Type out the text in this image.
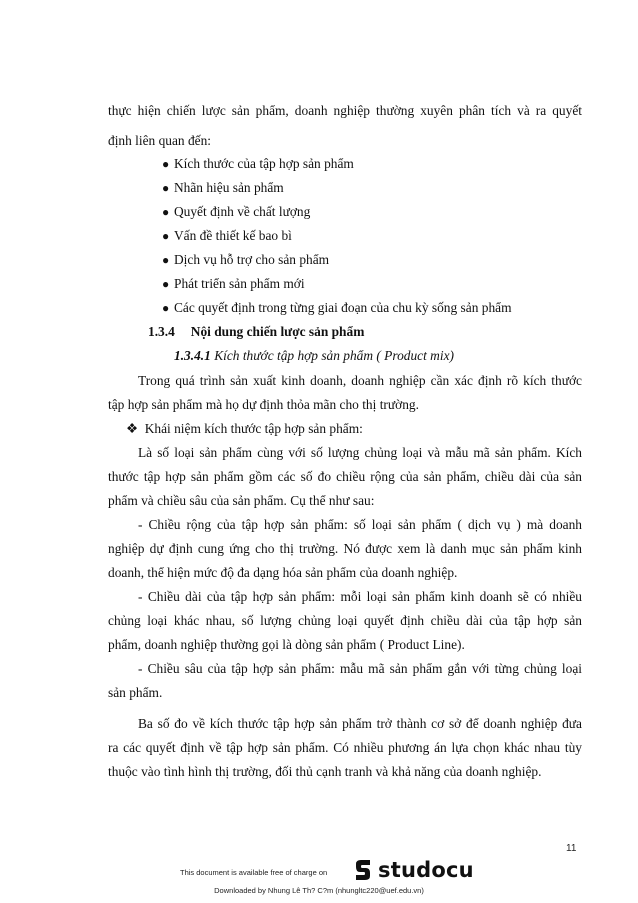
thực hiện chiến lược sản phẩm, doanh nghiệp thường xuyên phân tích và ra quyết
định liên quan đến:
● Kích thước của tập hợp sản phẩm
● Nhãn hiệu sản phẩm
● Quyết định về chất lượng
● Vấn đề thiết kế bao bì
● Dịch vụ hỗ trợ cho sản phẩm
● Phát triển sản phẩm mới
● Các quyết định trong từng giai đoạn của chu kỳ sống sản phẩm
1.3.4 Nội dung chiến lược sản phẩm
1.3.4.1 Kích thước tập hợp sản phẩm ( Product mix)
Trong quá trình sản xuất kinh doanh, doanh nghiệp cần xác định rõ kích thước
tập hợp sản phẩm mà họ dự định thỏa mãn cho thị trường.
❖ Khái niệm kích thước tập hợp sản phẩm:
Là số loại sản phẩm cùng với số lượng chủng loại và mẫu mã sản phẩm. Kích
thước tập hợp sản phẩm gồm các số đo chiều rộng của sản phẩm, chiều dài của sản
phẩm và chiều sâu của sản phẩm. Cụ thể như sau:
- Chiều rộng của tập hợp sản phẩm: số loại sản phẩm ( dịch vụ ) mà doanh
nghiệp dự định cung ứng cho thị trường. Nó được xem là danh mục sản phẩm kinh
doanh, thể hiện mức độ đa dạng hóa sản phẩm của doanh nghiệp.
- Chiều dài của tập hợp sản phẩm: mỗi loại sản phẩm kinh doanh sẽ có nhiều
chủng loại khác nhau, số lượng chủng loại quyết định chiều dài của tập hợp sản
phẩm, doanh nghiệp thường gọi là dòng sản phẩm ( Product Line).
- Chiều sâu của tập hợp sản phẩm: mẫu mã sản phẩm gắn với từng chủng loại
sản phẩm.
Ba số đo về kích thước tập hợp sản phẩm trở thành cơ sở để doanh nghiệp đưa
ra các quyết định về tập hợp sản phẩm. Có nhiều phương án lựa chọn khác nhau tùy
thuộc vào tình hình thị trường, đối thủ cạnh tranh và khả năng của doanh nghiệp.
11
This document is available free of charge on studocu
Downloaded by Nhung Lê Th? C?m (nhungltc220@uef.edu.vn)
